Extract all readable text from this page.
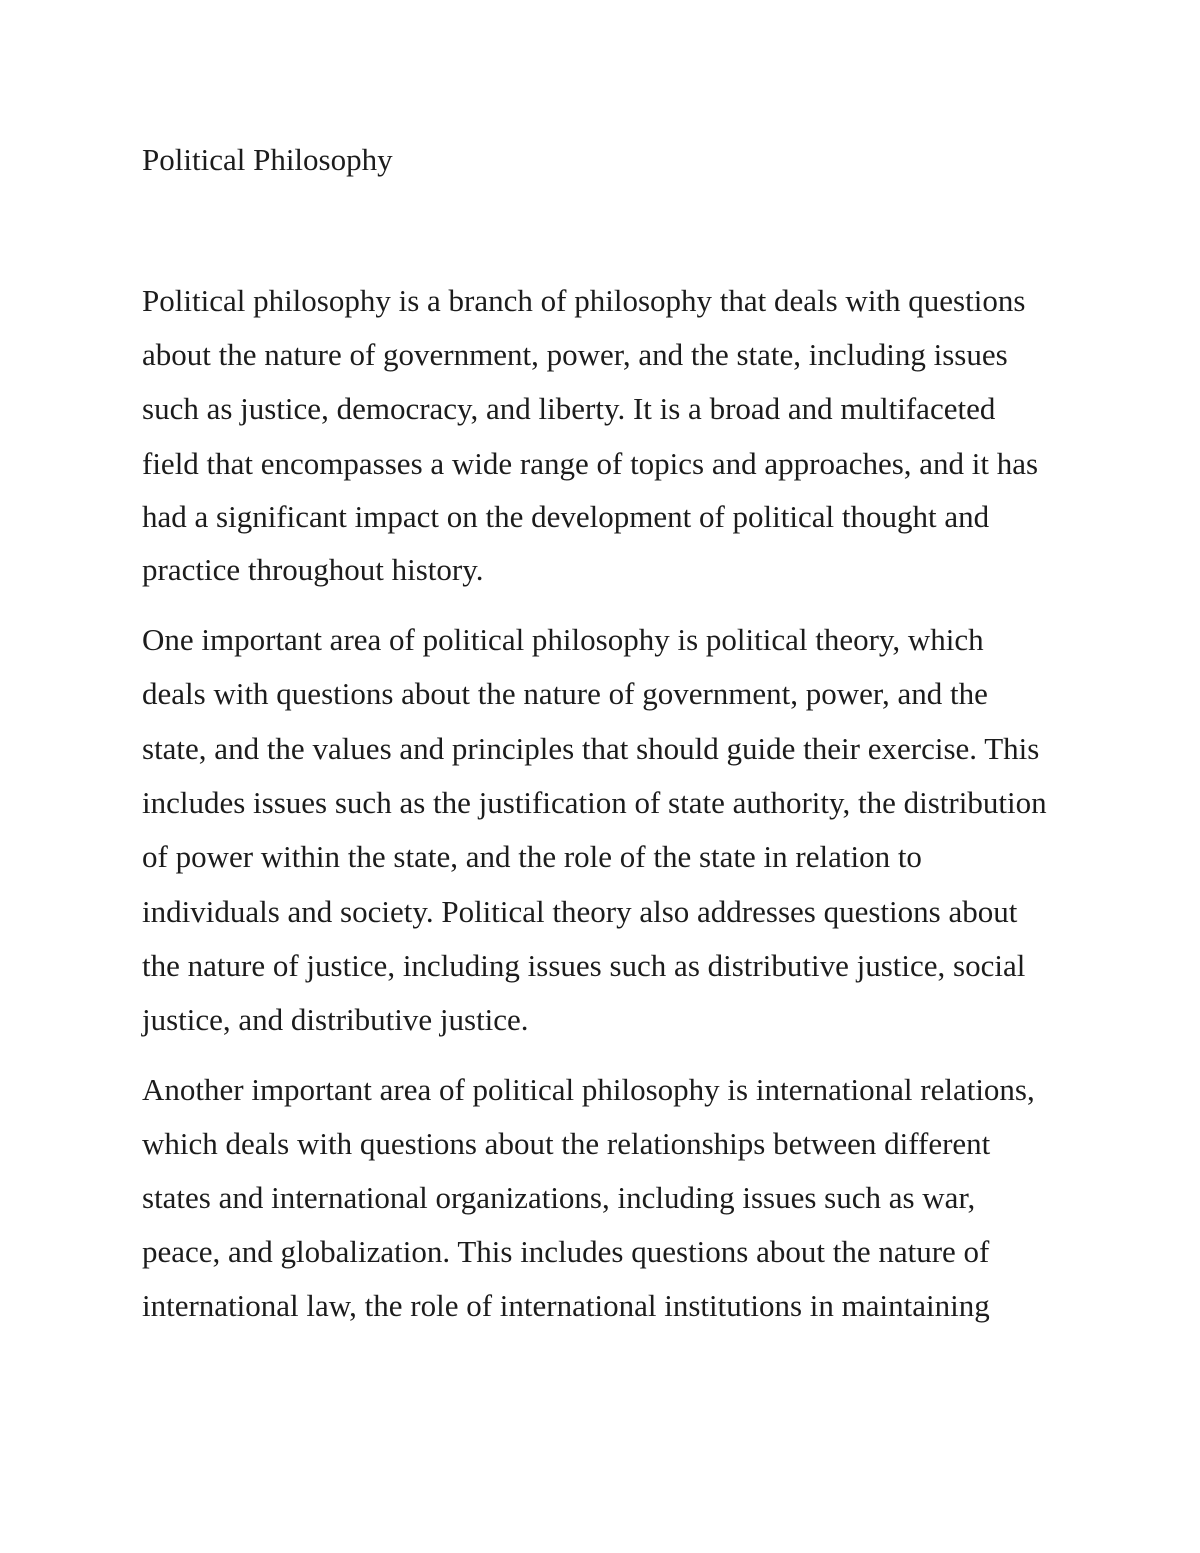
Political Philosophy
Political philosophy is a branch of philosophy that deals with questions
about the nature of government, power, and the state, including issues
such as justice, democracy, and liberty. It is a broad and multifaceted
field that encompasses a wide range of topics and approaches, and it has
had a significant impact on the development of political thought and
practice throughout history.
One important area of political philosophy is political theory, which
deals with questions about the nature of government, power, and the
state, and the values and principles that should guide their exercise. This
includes issues such as the justification of state authority, the distribution
of power within the state, and the role of the state in relation to
individuals and society. Political theory also addresses questions about
the nature of justice, including issues such as distributive justice, social
justice, and distributive justice.
Another important area of political philosophy is international relations,
which deals with questions about the relationships between different
states and international organizations, including issues such as war,
peace, and globalization. This includes questions about the nature of
international law, the role of international institutions in maintaining
